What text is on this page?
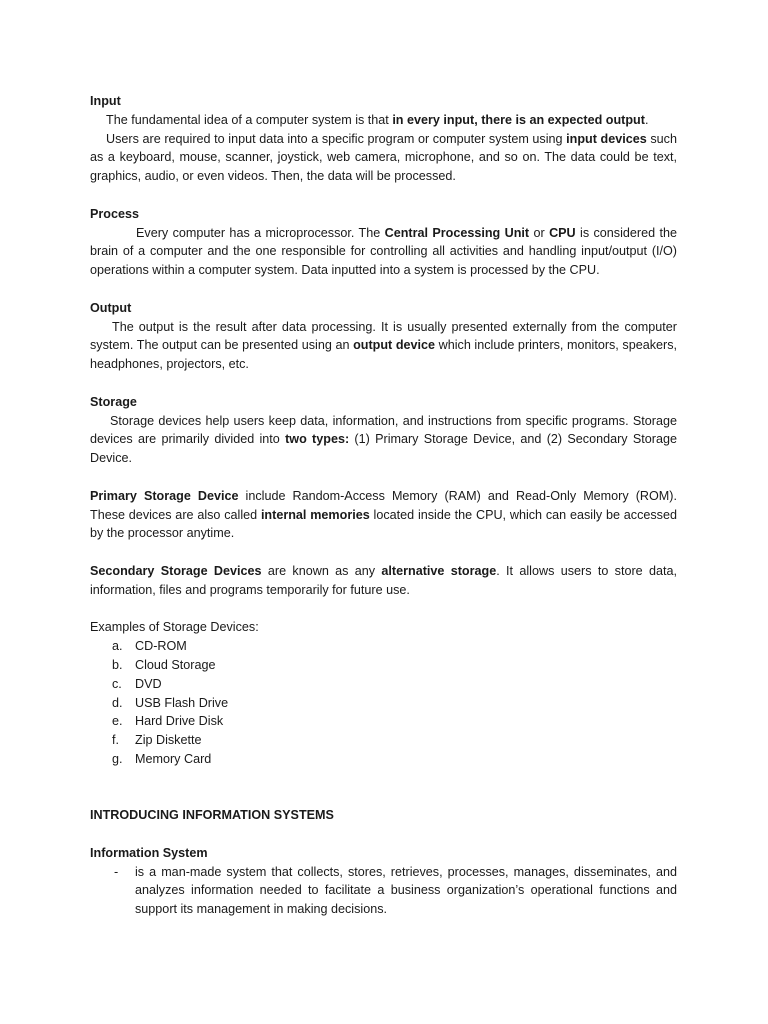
Input

The fundamental idea of a computer system is that in every input, there is an expected output.

Users are required to input data into a specific program or computer system using input devices such as a keyboard, mouse, scanner, joystick, web camera, microphone, and so on. The data could be text, graphics, audio, or even videos. Then, the data will be processed.

Process

Every computer has a microprocessor. The Central Processing Unit or CPU is considered the brain of a computer and the one responsible for controlling all activities and handling input/output (I/O) operations within a computer system. Data inputted into a system is processed by the CPU.

Output

The output is the result after data processing. It is usually presented externally from the computer system. The output can be presented using an output device which include printers, monitors, speakers, headphones, projectors, etc.

Storage

Storage devices help users keep data, information, and instructions from specific programs. Storage devices are primarily divided into two types: (1) Primary Storage Device, and (2) Secondary Storage Device.

Primary Storage Device include Random-Access Memory (RAM) and Read-Only Memory (ROM). These devices are also called internal memories located inside the CPU, which can easily be accessed by the processor anytime.

Secondary Storage Devices are known as any alternative storage. It allows users to store data, information, files and programs temporarily for future use.

Examples of Storage Devices:

a. CD-ROM
b. Cloud Storage
c. DVD
d. USB Flash Drive
e. Hard Drive Disk
f. Zip Diskette
g. Memory Card

INTRODUCING INFORMATION SYSTEMS

Information System

- is a man-made system that collects, stores, retrieves, processes, manages, disseminates, and analyzes information needed to facilitate a business organization’s operational functions and support its management in making decisions.
